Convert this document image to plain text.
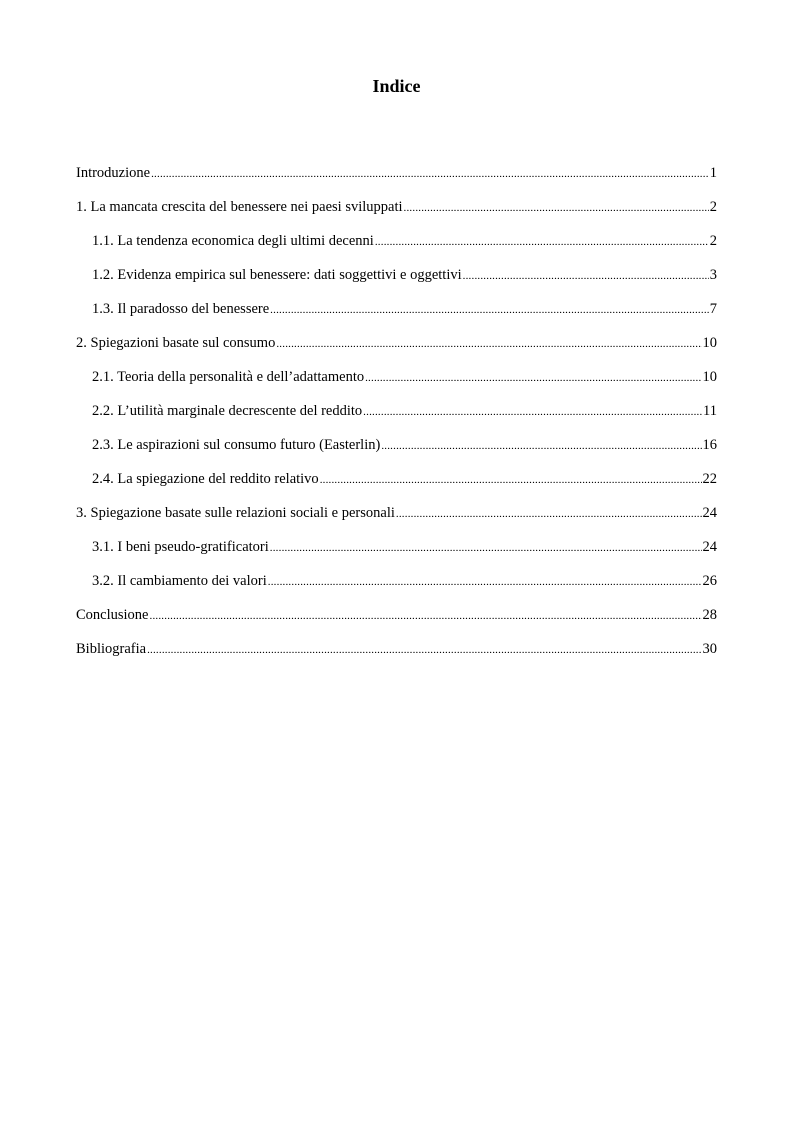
Indice
Introduzione .....	1
1. La mancata crescita del benessere nei paesi sviluppati .....	2
1.1. La tendenza economica degli ultimi decenni .....	2
1.2. Evidenza empirica sul benessere: dati soggettivi e oggettivi .....	3
1.3. Il paradosso del benessere .....	7
2. Spiegazioni basate sul consumo .....	10
2.1. Teoria della personalità e dell’adattamento .....	10
2.2. L’utilità marginale decrescente del reddito .....	11
2.3. Le aspirazioni sul consumo futuro (Easterlin) .....	16
2.4. La spiegazione del reddito relativo .....	22
3. Spiegazione basate sulle relazioni sociali e personali .....	24
3.1. I beni pseudo-gratificatori .....	24
3.2. Il cambiamento dei valori .....	26
Conclusione .....	28
Bibliografia .....	30
